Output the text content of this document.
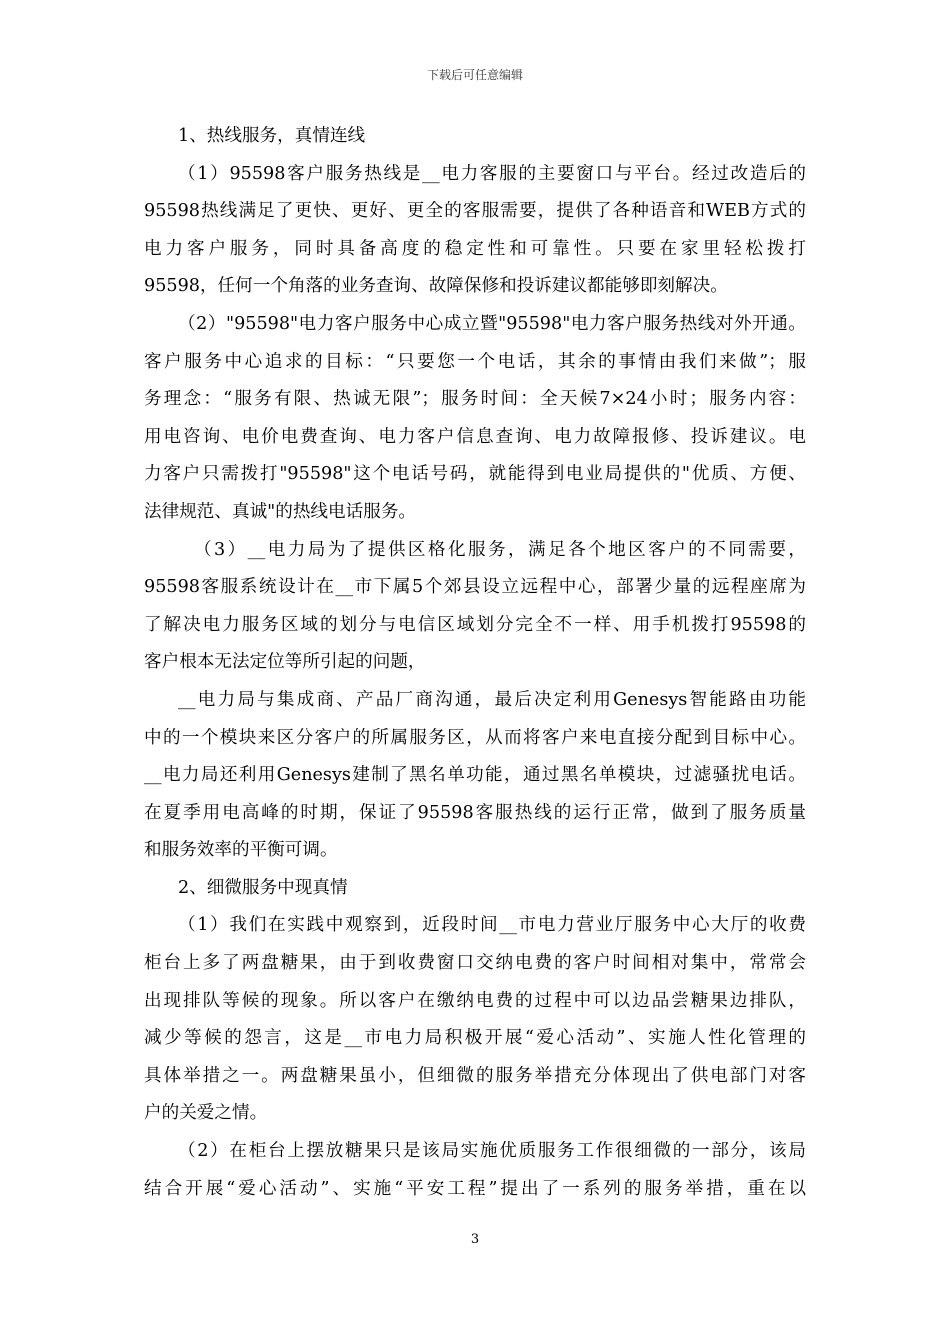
下载后可任意编辑
1、热线服务，真情连线
（1）95598客户服务热线是__电力客服的主要窗口与平台。经过改造后的
95598热线满足了更快、更好、更全的客服需要，提供了各种语音和WEB方式的
电力客户服务，同时具备高度的稳定性和可靠性。只要在家里轻松拨打
95598，任何一个角落的业务查询、故障保修和投诉建议都能够即刻解决。
（2）"95598"电力客户服务中心成立暨"95598"电力客户服务热线对外开通。
客户服务中心追求的目标：“只要您一个电话，其余的事情由我们来做”；服
务理念：“服务有限、热诚无限”；服务时间：全天候7×24小时；服务内容：
用电咨询、电价电费查询、电力客户信息查询、电力故障报修、投诉建议。电
力客户只需拨打"95598"这个电话号码，就能得到电业局提供的"优质、方便、
法律规范、真诚"的热线电话服务。
（3）__电力局为了提供区格化服务，满足各个地区客户的不同需要，
95598客服系统设计在__市下属5个郊县设立远程中心，部署少量的远程座席为
了解决电力服务区域的划分与电信区域划分完全不一样、用手机拨打95598的
客户根本无法定位等所引起的问题，
__电力局与集成商、产品厂商沟通，最后决定利用Genesys智能路由功能
中的一个模块来区分客户的所属服务区，从而将客户来电直接分配到目标中心。
__电力局还利用Genesys建制了黑名单功能，通过黑名单模块，过滤骚扰电话。
在夏季用电高峰的时期，保证了95598客服热线的运行正常，做到了服务质量
和服务效率的平衡可调。
2、细微服务中现真情
（1）我们在实践中观察到，近段时间__市电力营业厅服务中心大厅的收费
柜台上多了两盘糖果，由于到收费窗口交纳电费的客户时间相对集中，常常会
出现排队等候的现象。所以客户在缴纳电费的过程中可以边品尝糖果边排队，
减少等候的怨言，这是__市电力局积极开展“爱心活动”、实施人性化管理的
具体举措之一。两盘糖果虽小，但细微的服务举措充分体现出了供电部门对客
户的关爱之情。
（2）在柜台上摆放糖果只是该局实施优质服务工作很细微的一部分，该局
结合开展“爱心活动”、实施“平安工程”提出了一系列的服务举措，重在以
3
